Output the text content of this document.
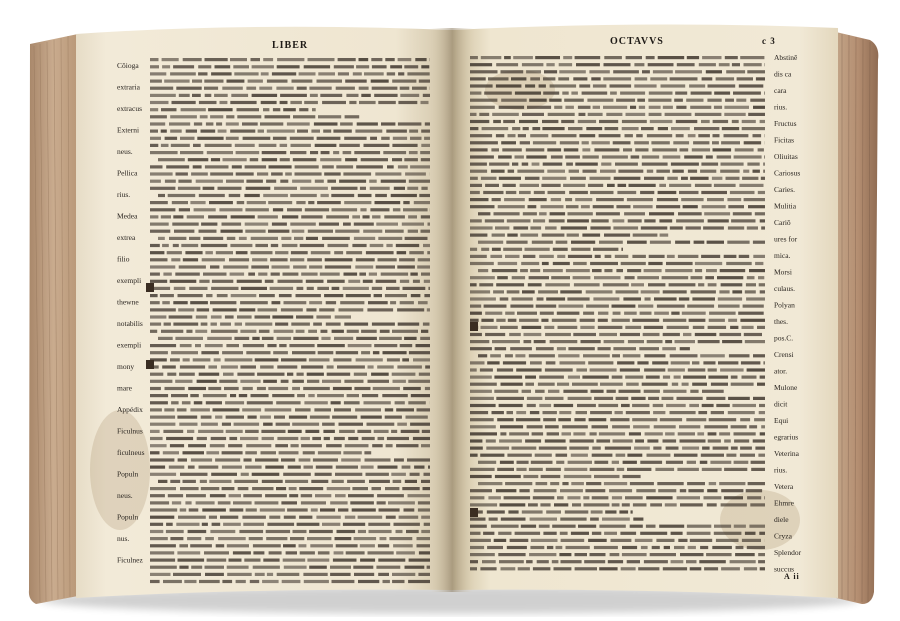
LIBER	OCTAVVS	c 3
A ii
Cõioga
extraria
extracus
Externi
neus.
Pellica
rius.
Medea
extrea
filio
exempli
thewne
notabilis
exempli
mony
mare
Appédix
Ficulnus
ficulneus
Populn
neus.
Populn
nus.
Ficulnez
Abstinē
dis ca
cara
rius.
Fructus
Ficitas
Oliuitas
Cariosus
Caries.
Mulitia
Cariō
ures for
mica.
Morsi
culaus.
Polyan
thes.
pos.C.
Crensi
ator.
Mulone
dicit
Equi
egrarius
Veterina
rius.
Vetera
Ehmre
diele
Cryza
Splendor
succus
